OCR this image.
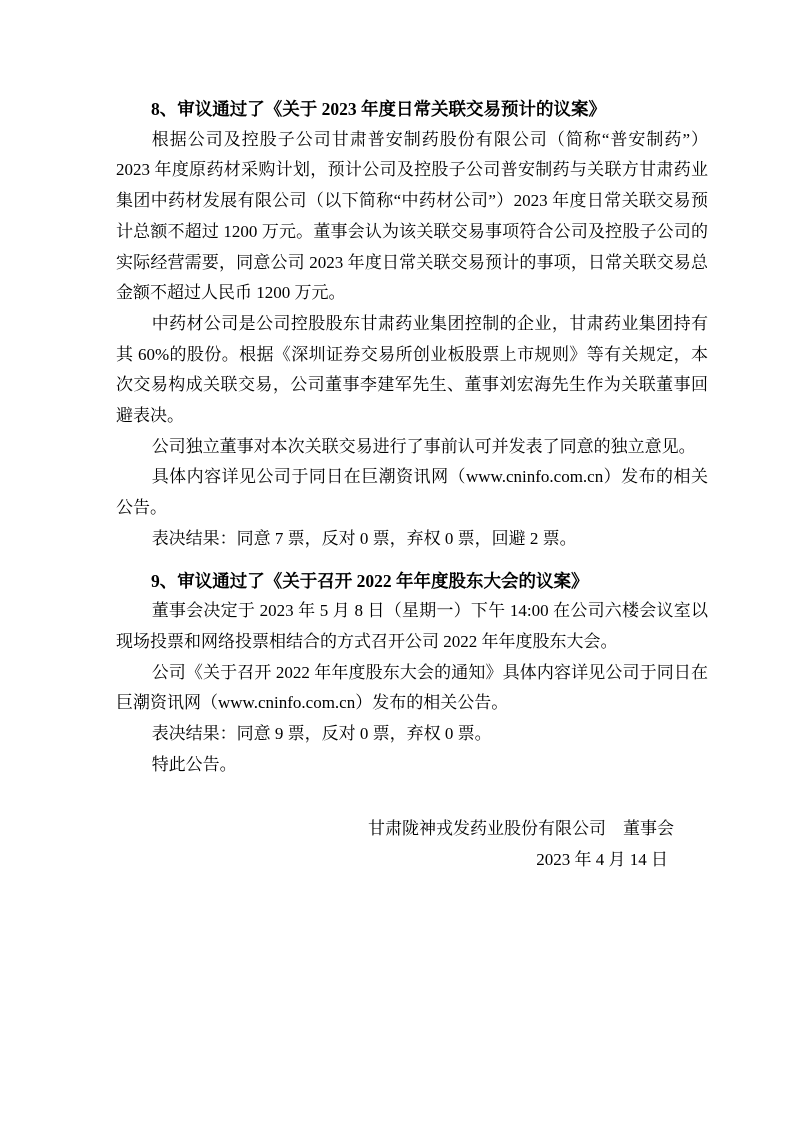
8、审议通过了《关于 2023 年度日常关联交易预计的议案》

根据公司及控股子公司甘肃普安制药股份有限公司（简称“普安制药”）2023 年度原药材采购计划，预计公司及控股子公司普安制药与关联方甘肃药业集团中药材发展有限公司（以下简称“中药材公司”）2023 年度日常关联交易预计总额不超过 1200 万元。董事会认为该关联交易事项符合公司及控股子公司的实际经营需要，同意公司 2023 年度日常关联交易预计的事项，日常关联交易总金额不超过人民币 1200 万元。

中药材公司是公司控股股东甘肃药业集团控制的企业，甘肃药业集团持有其 60%的股份。根据《深圳证券交易所创业板股票上市规则》等有关规定，本次交易构成关联交易，公司董事李建军先生、董事刘宏海先生作为关联董事回避表决。

公司独立董事对本次关联交易进行了事前认可并发表了同意的独立意见。

具体内容详见公司于同日在巨潮资讯网（www.cninfo.com.cn）发布的相关公告。

表决结果：同意 7 票，反对 0 票，弃权 0 票，回避 2 票。

9、审议通过了《关于召开 2022 年年度股东大会的议案》

董事会决定于 2023 年 5 月 8 日（星期一）下午 14:00 在公司六楼会议室以现场投票和网络投票相结合的方式召开公司 2022 年年度股东大会。

公司《关于召开 2022 年年度股东大会的通知》具体内容详见公司于同日在巨潮资讯网（www.cninfo.com.cn）发布的相关公告。

表决结果：同意 9 票，反对 0 票，弃权 0 票。

特此公告。

甘肃陇神戎发药业股份有限公司　董事会

2023 年 4 月 14 日
